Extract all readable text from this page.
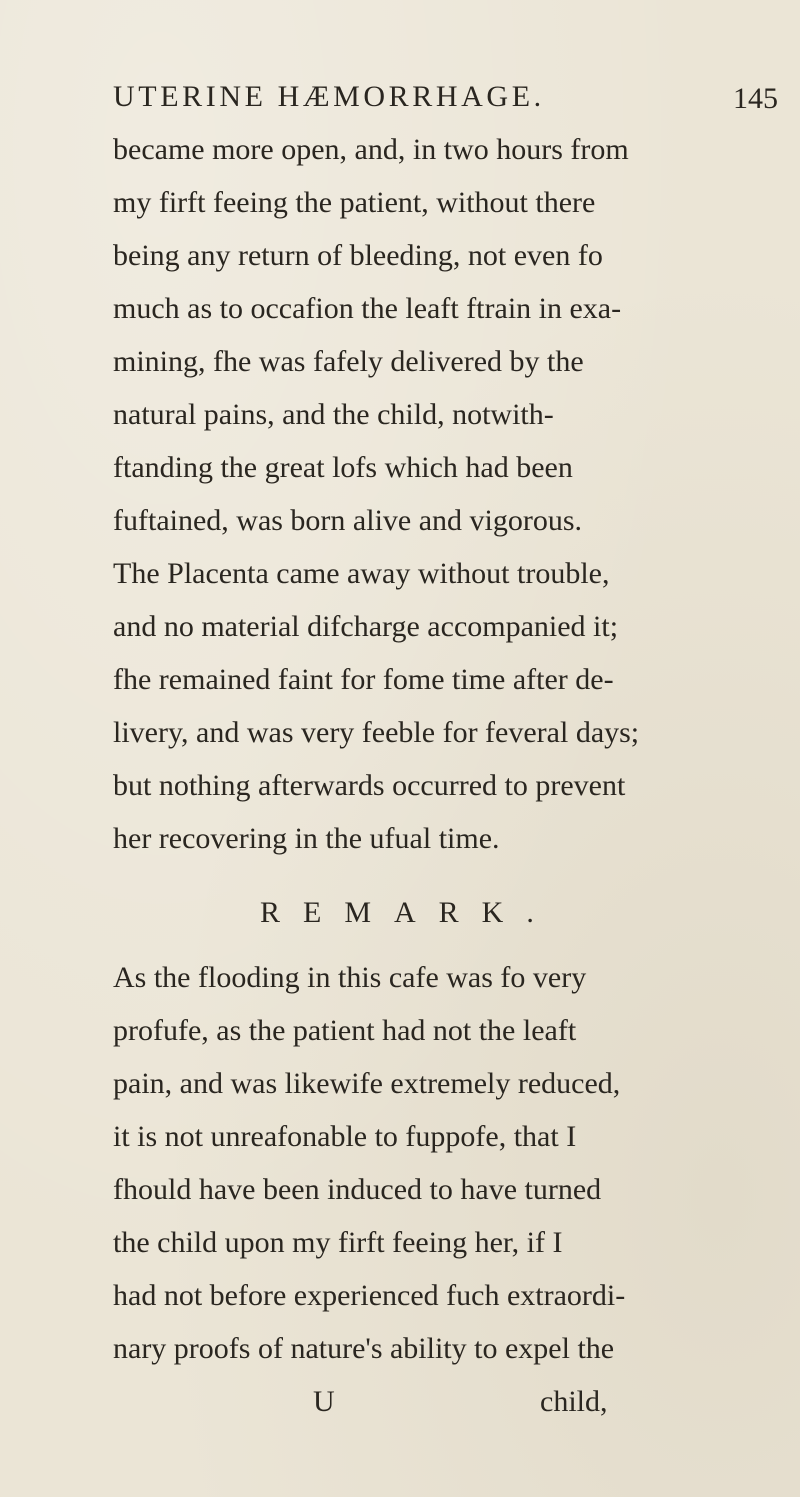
UTERINE HÆMORRHAGE.	145
became more open, and, in two hours from
my firft feeing the patient, without there
being any return of bleeding, not even fo
much as to occafion the leaft ftrain in exa-
mining, fhe was fafely delivered by the
natural pains, and the child, notwith-
ftanding the great lofs which had been
fuftained, was born alive and vigorous.
The Placenta came away without trouble,
and no material difcharge accompanied it;
fhe remained faint for fome time after de-
livery, and was very feeble for feveral days;
but nothing afterwards occurred to prevent
her recovering in the ufual time.
REMARK.
As the flooding in this cafe was fo very
profufe, as the patient had not the leaft
pain, and was likewife extremely reduced,
it is not unreafonable to fuppofe, that I
fhould have been induced to have turned
the child upon my firft feeing her, if I
had not before experienced fuch extraordi-
nary proofs of nature's ability to expel the
U	child,
